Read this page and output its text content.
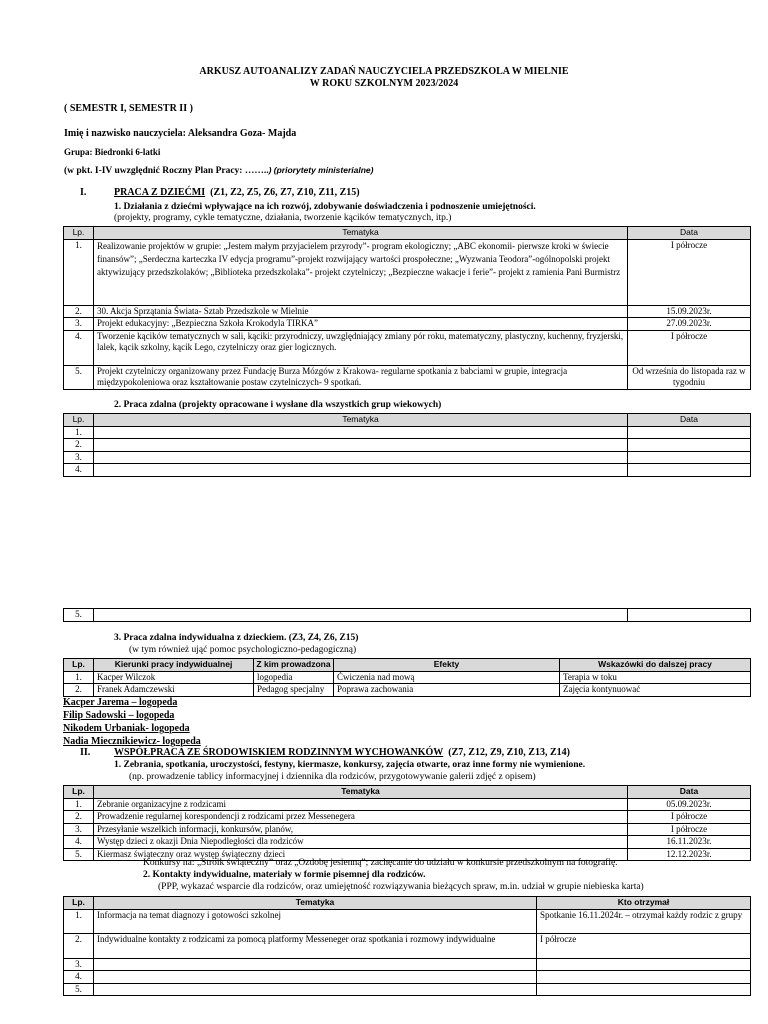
ARKUSZ AUTOANALIZY ZADAŃ NAUCZYCIELA PRZEDSZKOLA W MIELNIE
W ROKU SZKOLNYM 2023/2024
( SEMESTR I, SEMESTR II )
Imię i nazwisko nauczyciela: Aleksandra Goza- Majda
Grupa: Biedronki 6-latki
(w pkt. I-IV uwzględnić Roczny Plan Pracy: ……..) (priorytety ministerialne)
I.	PRACA Z DZIEĆMI (Z1, Z2, Z5, Z6, Z7, Z10, Z11, Z15)
1. Działania z dziećmi wpływające na ich rozwój, zdobywanie doświadczenia i podnoszenie umiejętności.
(projekty, programy, cykle tematyczne, działania, tworzenie kącików tematycznych, itp.)
Lp.	Tematyka	Data
1.	Realizowanie projektów w grupie: „Jestem małym przyjacielem przyrody”- program ekologiczny; „ABC ekonomii- pierwsze kroki w świecie finansów”; „Serdeczna karteczka IV edycja programu”-projekt rozwijający wartości prospołeczne; „Wyzwania Teodora”-ogólnopolski projekt aktywizujący przedszkolaków; „Biblioteka przedszkolaka”- projekt czytelniczy; „Bezpieczne wakacje i ferie”- projekt z ramienia Pani Burmistrz	I półrocze
2.	30. Akcja Sprzątania Świata- Sztab Przedszkole w Mielnie	15.09.2023r.
3.	Projekt edukacyjny: „Bezpieczna Szkoła Krokodyla TIRKA”	27.09.2023r.
4.	Tworzenie kącików tematycznych w sali, kąciki: przyrodniczy, uwzględniający zmiany pór roku, matematyczny, plastyczny, kuchenny, fryzjerski, lalek, kącik szkolny, kącik Lego, czytelniczy oraz gier logicznych.	I półrocze
5.	Projekt czytelniczy organizowany przez Fundację Burza Mózgów z Krakowa- regularne spotkania z babciami w grupie, integracja międzypokoleniowa oraz kształtowanie postaw czytelniczych- 9 spotkań.	Od września do listopada raz w tygodniu
2. Praca zdalna (projekty opracowane i wysłane dla wszystkich grup wiekowych)
Lp.	Tematyka	Data
1.		
2.		
3.		
4.		
5.		
3. Praca zdalna indywidualna z dzieckiem. (Z3, Z4, Z6, Z15)
(w tym również ująć pomoc psychologiczno-pedagogiczną)
Lp.	Kierunki pracy indywidualnej	Z kim prowadzona	Efekty	Wskazówki do dalszej pracy
1.	Kacper Wilczok	logopedia	Ćwiczenia nad mową	Terapia w toku
2.	Franek Adamczewski	Pedagog specjalny	Poprawa zachowania	Zajęcia kontynuować
Kacper Jarema – logopeda
Filip Sadowski – logopeda
Nikodem Urbaniak- logopeda
Nadia Miecznikiewicz- logopeda
II. WSPÓŁPRACA ZE ŚRODOWISKIEM RODZINNYM WYCHOWANKÓW (Z7, Z12, Z9, Z10, Z13, Z14)
1. Zebrania, spotkania, uroczystości, festyny, kiermasze, konkursy, zajęcia otwarte, oraz inne formy nie wymienione.
(np. prowadzenie tablicy informacyjnej i dziennika dla rodziców, przygotowywanie galerii zdjęć z opisem)
Lp.	Tematyka	Data
1.	Zebranie organizacyjne z rodzicami	05.09.2023r.
2.	Prowadzenie regularnej korespondencji z rodzicami przez Messenegera	I półrocze
3.	Przesyłanie wszelkich informacji, konkursów, planów,	I półrocze
4.	Występ dzieci z okazji Dnia Niepodległości dla rodziców	16.11.2023r.
5.	Kiermasz świąteczny oraz występ świąteczny dzieci	12.12.2023r.
Konkursy na: „Stroik świąteczny” oraz „Ozdobę jesienną”; zachęcanie do udziału w konkursie przedszkolnym na fotografię.
2. Kontakty indywidualne, materiały w formie pisemnej dla rodziców.
(PPP, wykazać wsparcie dla rodziców, oraz umiejętność rozwiązywania bieżących spraw, m.in. udział w grupie niebieska karta)
Lp.	Tematyka	Kto otrzymał
1.	Informacja na temat diagnozy i gotowości szkolnej	Spotkanie 16.11.2024r. – otrzymał każdy rodzic z grupy
2.	Indywidualne kontakty z rodzicami za pomocą platformy Messeneger oraz spotkania i rozmowy indywidualne	I półrocze
3.		
4.		
5.		
